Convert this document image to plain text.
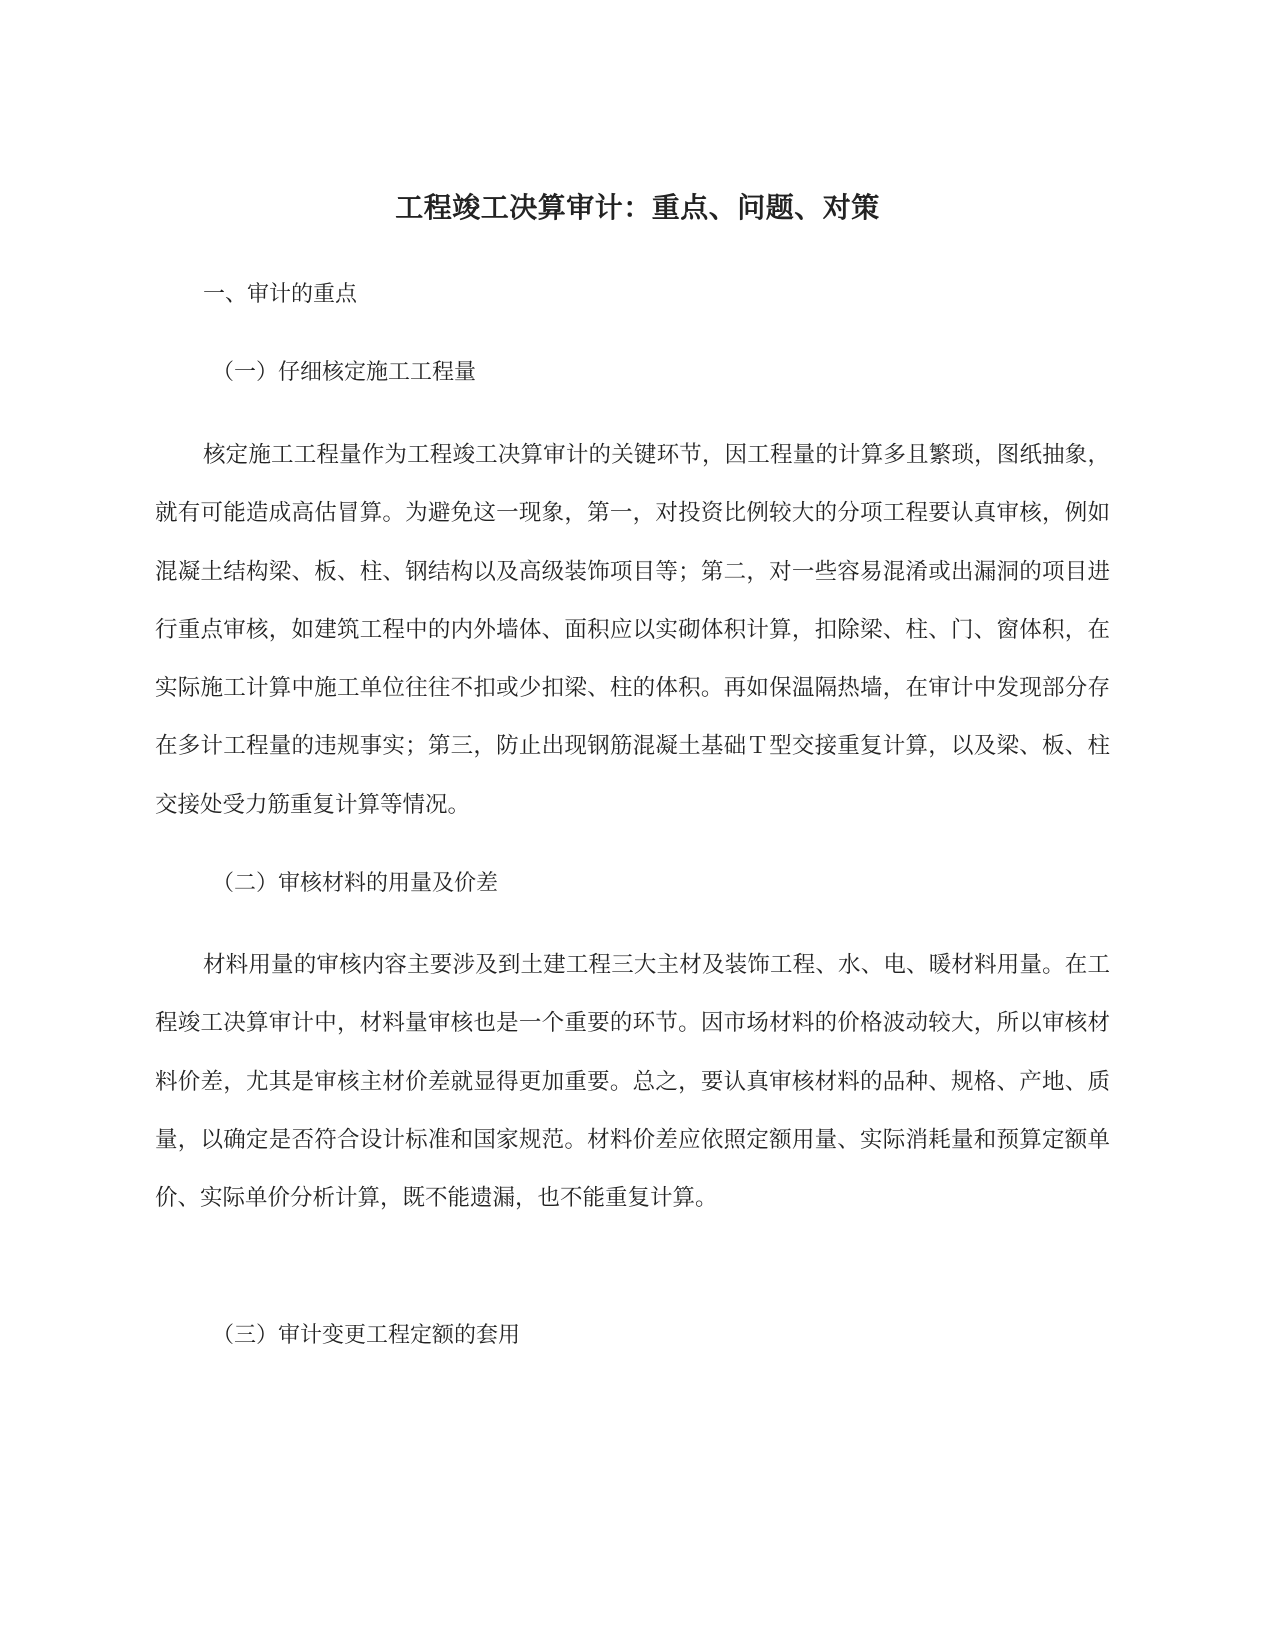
工程竣工决算审计：重点、问题、对策

一、审计的重点

（一）仔细核定施工工程量

核定施工工程量作为工程竣工决算审计的关键环节，因工程量的计算多且繁琐，图纸抽象，就有可能造成高估冒算。为避免这一现象，第一，对投资比例较大的分项工程要认真审核，例如混凝土结构梁、板、柱、钢结构以及高级装饰项目等；第二，对一些容易混淆或出漏洞的项目进行重点审核，如建筑工程中的内外墙体、面积应以实砌体积计算，扣除梁、柱、门、窗体积，在实际施工计算中施工单位往往不扣或少扣梁、柱的体积。再如保温隔热墙，在审计中发现部分存在多计工程量的违规事实；第三，防止出现钢筋混凝土基础Ｔ型交接重复计算，以及梁、板、柱交接处受力筋重复计算等情况。

（二）审核材料的用量及价差

材料用量的审核内容主要涉及到土建工程三大主材及装饰工程、水、电、暖材料用量。在工程竣工决算审计中，材料量审核也是一个重要的环节。因市场材料的价格波动较大，所以审核材料价差，尤其是审核主材价差就显得更加重要。总之，要认真审核材料的品种、规格、产地、质量，以确定是否符合设计标准和国家规范。材料价差应依照定额用量、实际消耗量和预算定额单价、实际单价分析计算，既不能遗漏，也不能重复计算。

（三）审计变更工程定额的套用
